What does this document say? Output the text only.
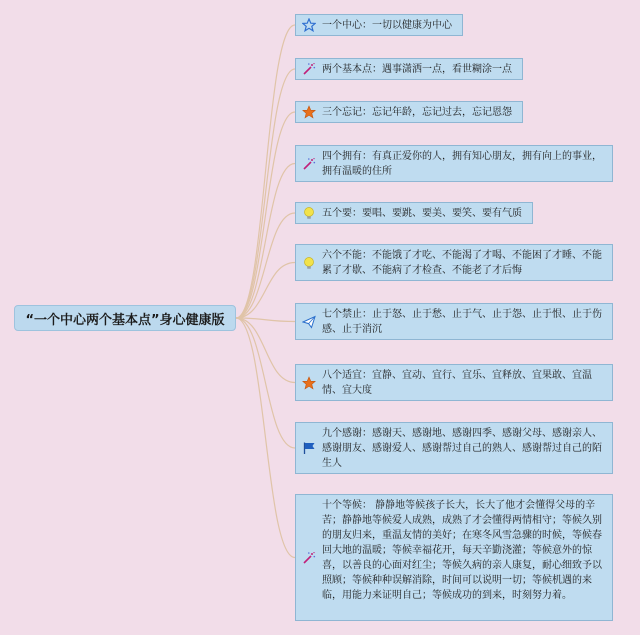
“一个中心两个基本点”身心健康版
一个中心：一切以健康为中心
两个基本点：遇事潇洒一点，看世糊涂一点
三个忘记：忘记年龄，忘记过去，忘记恩怨
四个拥有：有真正爱你的人，拥有知心朋友，拥有向上的事业，拥有温暖的住所
五个要：要唱、要跳、要美、要笑、要有气质
六个不能：不能饿了才吃、不能渴了才喝、不能困了才睡、不能累了才歇、不能病了才检查、不能老了才后悔
七个禁止：止于怒、止于愁、止于气、止于怨、止于恨、止于伤感、止于消沉
八个适宜：宜静、宜动、宜行、宜乐、宜释放、宜果敢、宜温情、宜大度
九个感谢：感谢天、感谢地、感谢四季、感谢父母、感谢亲人、感谢朋友、感谢爱人、感谢帮过自己的熟人、感谢帮过自己的陌生人
十个等候： 静静地等候孩子长大，长大了他才会懂得父母的辛苦；静静地等候爱人成熟，成熟了才会懂得两情相守；等候久别的朋友归来，重温友情的美好；在寒冬风雪急骤的时候，等候春回大地的温暖；等候幸福花开，每天辛勤浇灌；等候意外的惊喜，以善良的心面对红尘；等候久病的亲人康复，耐心细致予以照顾；等候种种误解消除，时间可以说明一切；等候机遇的来临，用能力来证明自己；等候成功的到来，时刻努力着。
